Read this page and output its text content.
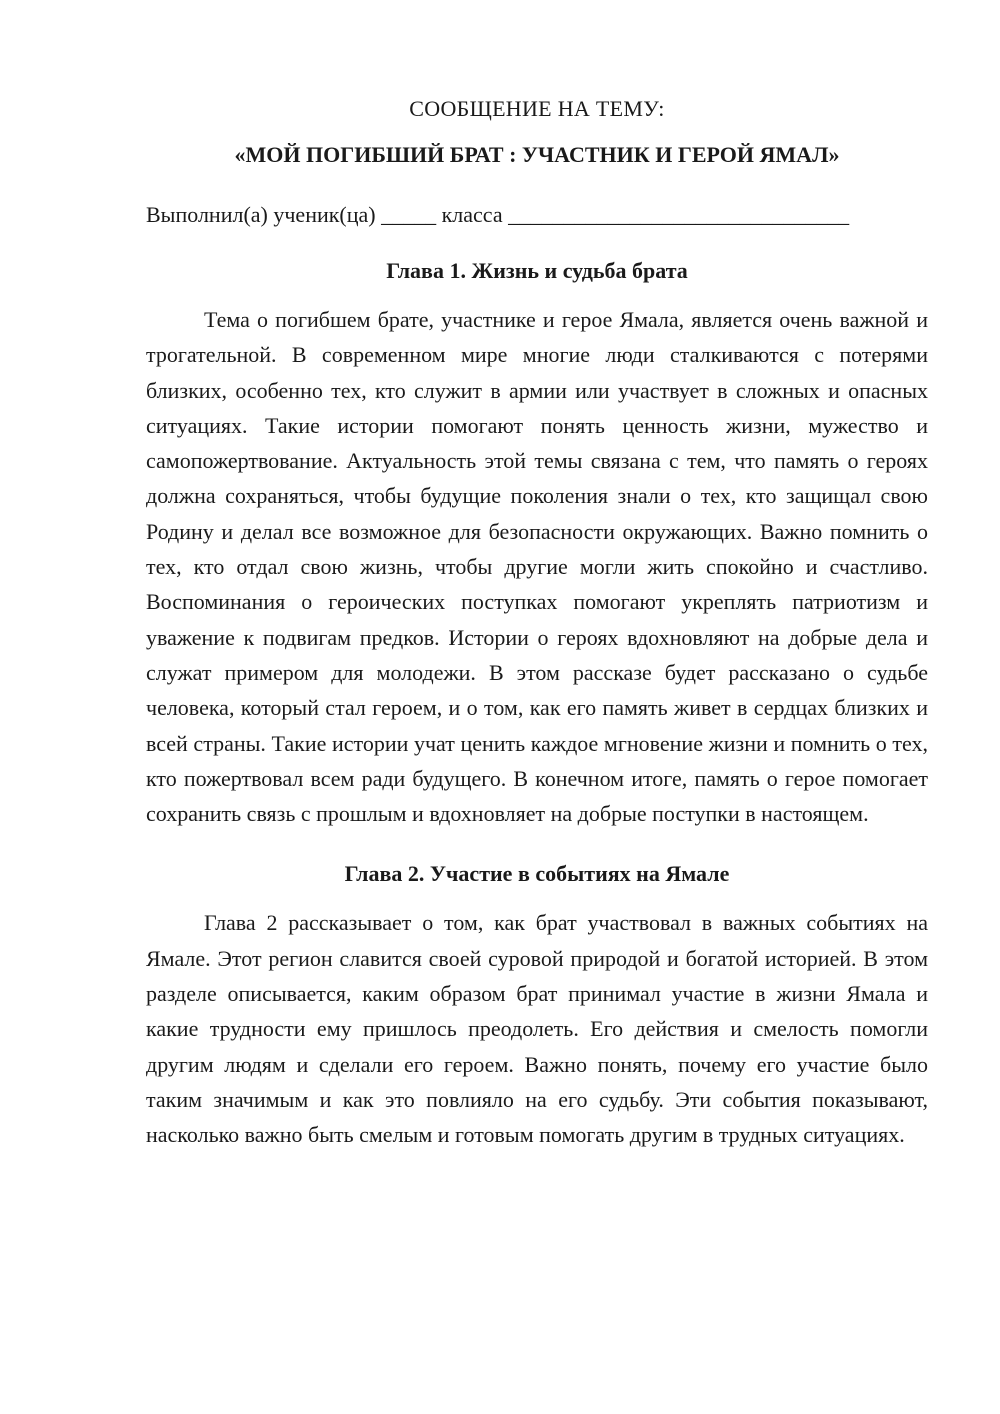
СООБЩЕНИЕ НА ТЕМУ:

«МОЙ ПОГИБШИЙ БРАТ : УЧАСТНИК И ГЕРОЙ ЯМАЛ»

Выполнил(а) ученик(ца) _____ класса _______________________________
Глава 1. Жизнь и судьба брата

Тема о погибшем брате, участнике и герое Ямала, является очень важной и трогательной. В современном мире многие люди сталкиваются с потерями близких, особенно тех, кто служит в армии или участвует в сложных и опасных ситуациях. Такие истории помогают понять ценность жизни, мужество и самопожертвование. Актуальность этой темы связана с тем, что память о героях должна сохраняться, чтобы будущие поколения знали о тех, кто защищал свою Родину и делал все возможное для безопасности окружающих. Важно помнить о тех, кто отдал свою жизнь, чтобы другие могли жить спокойно и счастливо. Воспоминания о героических поступках помогают укреплять патриотизм и уважение к подвигам предков. Истории о героях вдохновляют на добрые дела и служат примером для молодежи. В этом рассказе будет рассказано о судьбе человека, который стал героем, и о том, как его память живет в сердцах близких и всей страны. Такие истории учат ценить каждое мгновение жизни и помнить о тех, кто пожертвовал всем ради будущего. В конечном итоге, память о герое помогает сохранить связь с прошлым и вдохновляет на добрые поступки в настоящем.

Глава 2. Участие в событиях на Ямале

Глава 2 рассказывает о том, как брат участвовал в важных событиях на Ямале. Этот регион славится своей суровой природой и богатой историей. В этом разделе описывается, каким образом брат принимал участие в жизни Ямала и какие трудности ему пришлось преодолеть. Его действия и смелость помогли другим людям и сделали его героем. Важно понять, почему его участие было таким значимым и как это повлияло на его судьбу. Эти события показывают, насколько важно быть смелым и готовым помогать другим в трудных ситуациях.
